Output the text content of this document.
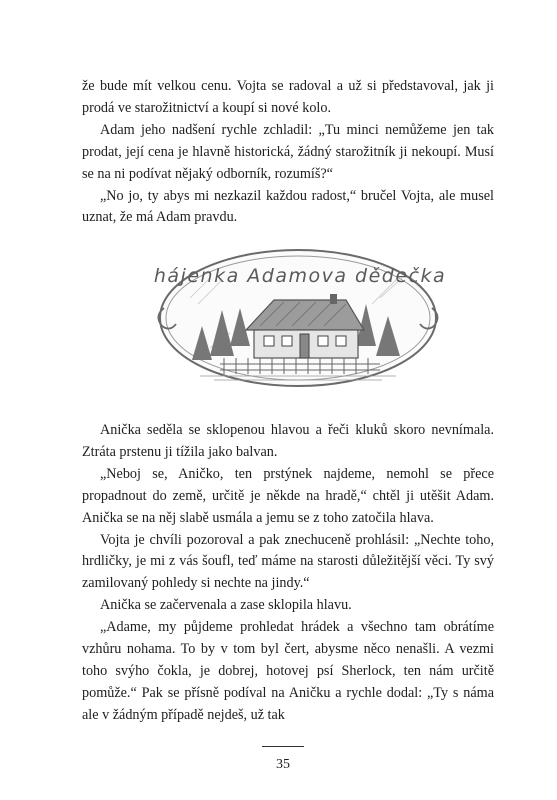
že bude mít velkou cenu. Vojta se radoval a už si představoval, jak ji prodá ve starožitnictví a koupí si nové kolo.

Adam jeho nadšení rychle zchladil: „Tu minci nemůžeme jen tak prodat, její cena je hlavně historická, žádný starožitník ji nekoupí. Musí se na ni podívat nějaký odborník, rozumíš?“

„No jo, ty abys mi nezkazil každou radost,“ bručel Vojta, ale musel uznat, že má Adam pravdu.

hájenka Adamova dědečka

Anička seděla se sklopenou hlavou a řeči kluků skoro nevnímala. Ztráta prstenu ji tížila jako balvan.

„Neboj se, Aničko, ten prstýnek najdeme, nemohl se přece propadnout do země, určitě je někde na hradě,“ chtěl ji utěšit Adam. Anička se na něj slabě usmála a jemu se z toho zatočila hlava.

Vojta je chvíli pozoroval a pak znechuceně prohlásil: „Nechte toho, hrdličky, je mi z vás šoufl, teď máme na starosti důležitější věci. Ty svý zamilovaný pohledy si nechte na jindy.“

Anička se začervenala a zase sklopila hlavu.

„Adame, my půjdeme prohledat hrádek a všechno tam obrátíme vzhůru nohama. To by v tom byl čert, abysme něco nenašli. A vezmi toho svýho čokla, je dobrej, hotovej psí Sherlock, ten nám určitě pomůže.“ Pak se přísně podíval na Aničku a rychle dodal: „Ty s náma ale v žádným případě nejdeš, už tak

35
